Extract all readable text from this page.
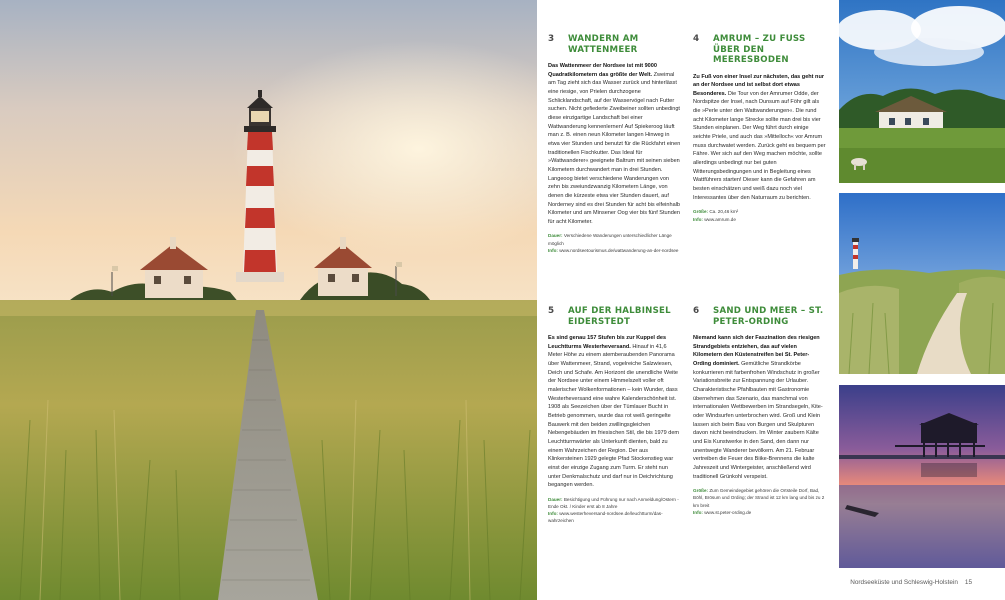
3	WANDERN AM WATTENMEER
Das Wattenmeer der Nordsee ist mit 9000 Quadratkilometern das größte der Welt. Zweimal am Tag zieht sich das Wasser zurück und hinterlässt eine riesige, von Prielen durchzogene Schlicklandschaft, auf der Wasservögel nach Futter suchen. Nicht gefiederte Zweibeiner sollten unbedingt diese einzigartige Landschaft bei einer Wattwanderung kennenlernen! Auf Spiekeroog läuft man z. B. einen neun Kilometer langen Hinweg in etwa vier Stunden und benutzt für die Rückfahrt einen traditionellen Fischkutter. Das Ideal für »Wattwanderer« geeignete Baltrum mit seinen sieben Kilometern durchwandert man in drei Stunden. Langeoog bietet verschiedene Wanderungen von zehn bis zweiundzwanzig Kilometern Länge, von denen die kürzeste etwa vier Stunden dauert, auf Norderney sind es drei Stunden für acht bis elfeinhalb Kilometer und am Minsener Oog vier bis fünf Stunden für acht Kilometer.
Dauer: Verschiedene Wanderungen unterschiedlicher Länge möglich
Info: www.nordseetourismus.de/wattwanderung-an-der-nordsee
4	AMRUM – ZU FUSS ÜBER DEN MEERESBODEN
Zu Fuß von einer Insel zur nächsten, das geht nur an der Nordsee und ist selbst dort etwas Besonderes. Die Tour von der Amrumer Odde, der Nordspitze der Insel, nach Dunsum auf Föhr gilt als die »Perle unter den Wattwanderungen«. Die rund acht Kilometer lange Strecke sollte man drei bis vier Stunden einplanen. Der Weg führt durch einige seichte Priele, und auch das »Mittelloch« vor Amrum muss durchwatet werden. Zurück geht es bequem per Fähre. Wer sich auf den Weg machen möchte, sollte allerdings unbedingt nur bei guten Witterungsbedingungen und in Begleitung eines Wattführers starten! Dieser kann die Gefahren am besten einschätzen und weiß dazu noch viel Interessantes über den Naturraum zu berichten.
Größe: Ca. 20,46 km²
Info: www.amrum.de
5	AUF DER HALBINSEL EIDERSTEDT
Es sind genau 157 Stufen bis zur Kuppel des Leuchtturms Westerheversand. Hinauf in 41,6 Meter Höhe zu einem atemberaubenden Panorama über Wattenmeer, Strand, vogelreiche Salzwiesen, Deich und Schafe. Am Horizont die unendliche Weite der Nordsee unter einem Himmelszelt voller oft malerischer Wolkenformationen – kein Wunder, dass Westerheversand eine wahre Kalenderschönheit ist. 1908 als Seezeichen über der Tümlauer Bucht in Betrieb genommen, wurde das rot weiß geringelte Bauwerk mit den beiden zwillingsgleichen Nebengebäuden im friesischen Stil, die bis 1979 dem Leuchtturmwärter als Unterkunft dienten, bald zu einem Wahrzeichen der Region. Der aus Klinkersteinen 1929 gelegte Pfad Stockenstieg war einst der einzige Zugang zum Turm. Er steht nun unter Denkmalschutz und darf nur in Deichrichtung begangen werden.
Dauer: Besichtigung und Führung nur nach Anmeldung/Ostern - Ende Okt. / Kinder erst ab 8 Jahre
Info: www.westerheversand-nordsee.de/leuchtturm/das-wahrzeichen
6	SAND UND MEER – ST. PETER-ORDING
Niemand kann sich der Faszination des riesigen Strandgebiets entziehen, das auf vielen Kilometern den Küstenstreifen bei St. Peter-Ording dominiert. Gemütliche Strandkörbe konkurrieren mit farbenfrohen Windschutz in großer Variationsbreite zur Entspannung der Urlauber. Charakteristische Pfahlbauten mit Gastronomie übernehmen das Szenario, das manchmal von internationalen Wettbewerben im Strandsegeln, Kite- oder Windsurfen unterbrochen wird. Groß und Klein lassen sich beim Bau von Burgen und Skulpturen davon nicht beeindrucken. Im Winter zaubern Kälte und Eis Kunstwerke in den Sand, den dann nur unentwegte Wanderer bevölkern. Am 21. Februar vertreiben die Feuer des Biike-Brennens die kalte Jahreszeit und Wintergeister, anschließend wird traditionell Grünkohl verspeist.
Größe: Zum Gemeindegebiet gehören die Ortsteile Dorf, Bad, Böhl, Brösum und Ording; der Strand ist 12 km lang und bis zu 2 km breit
Info: www.st.peter-ording.de
Nordseeküste und Schleswig-Holstein 15
